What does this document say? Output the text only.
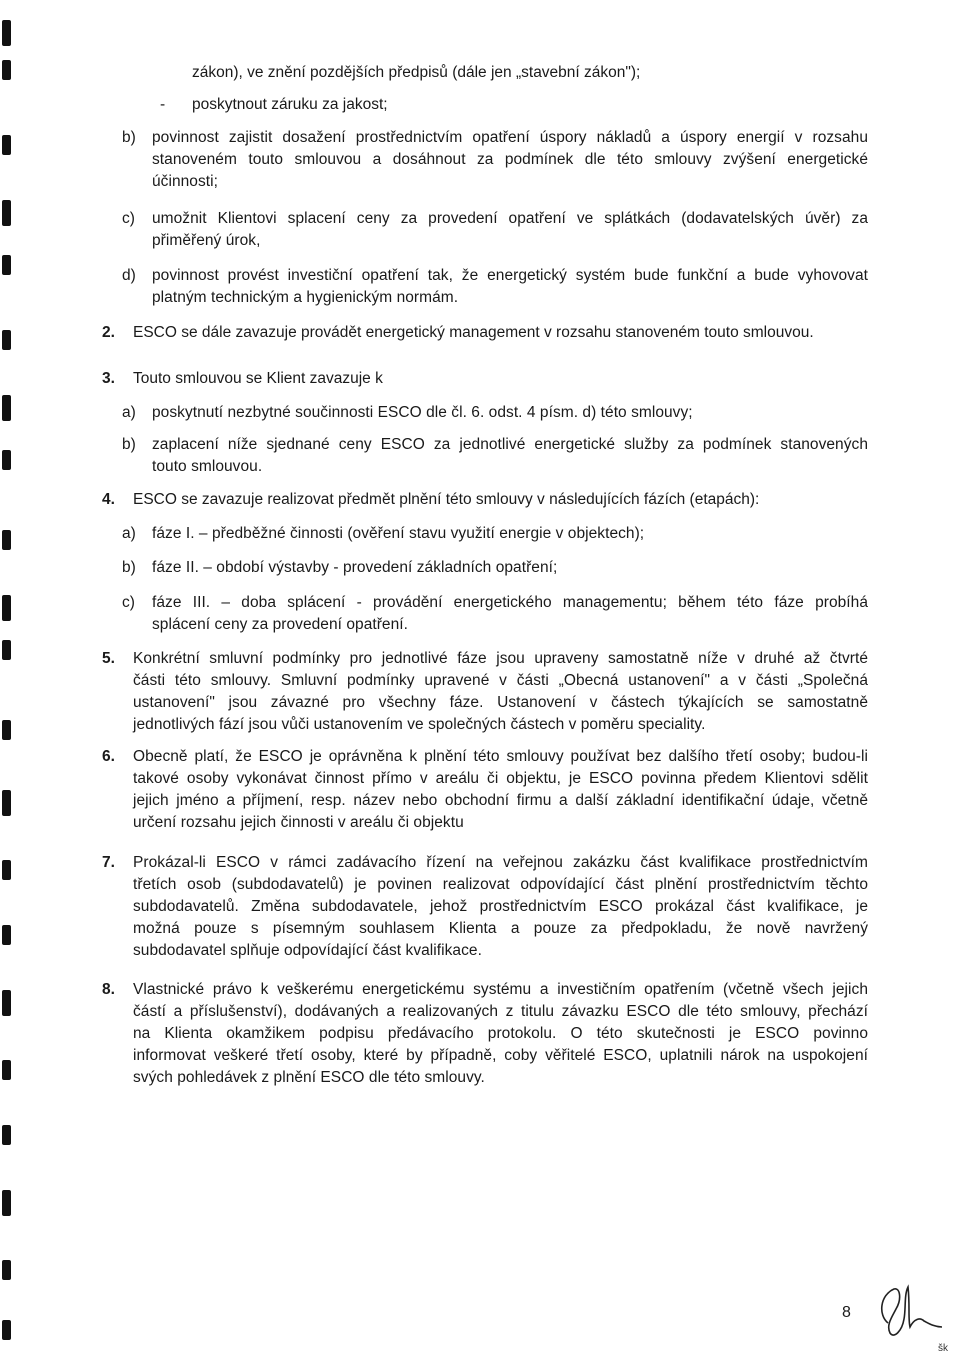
zákon), ve znění pozdějších předpisů (dále jen „stavební zákon");
- poskytnout záruku za jakost;
b) povinnost zajistit dosažení prostřednictvím opatření úspory nákladů a úspory energií v rozsahu
stanoveném touto smlouvou a dosáhnout za podmínek dle této smlouvy zvýšení energetické
účinnosti;
c) umožnit Klientovi splacení ceny za provedení opatření ve splátkách (dodavatelských úvěr) za
přiměřený úrok,
d) povinnost provést investiční opatření tak, že energetický systém bude funkční a bude vyhovovat
platným technickým a hygienickým normám.
2. ESCO se dále zavazuje provádět energetický management v rozsahu stanoveném touto smlouvou.
3. Touto smlouvou se Klient zavazuje k
a) poskytnutí nezbytné součinnosti ESCO dle čl. 6. odst. 4 písm. d) této smlouvy;
b) zaplacení níže sjednané ceny ESCO za jednotlivé energetické služby za podmínek stanovených
touto smlouvou.
4. ESCO se zavazuje realizovat předmět plnění této smlouvy v následujících fázích (etapách):
a) fáze I. – předběžné činnosti (ověření stavu využití energie v objektech);
b) fáze II. – období výstavby - provedení základních opatření;
c) fáze III. – doba splácení - provádění energetického managementu; během této fáze probíhá
splácení ceny za provedení opatření.
5. Konkrétní smluvní podmínky pro jednotlivé fáze jsou upraveny samostatně níže v druhé až čtvrté
části této smlouvy. Smluvní podmínky upravené v části „Obecná ustanovení" a v části „Společná
ustanovení" jsou závazné pro všechny fáze. Ustanovení v částech týkajících se samostatně
jednotlivých fází jsou vůči ustanovením ve společných částech v poměru speciality.
6. Obecně platí, že ESCO je oprávněna k plnění této smlouvy používat bez dalšího třetí osoby; budou-li
takové osoby vykonávat činnost přímo v areálu či objektu, je ESCO povinna předem Klientovi sdělit
jejich jméno a příjmení, resp. název nebo obchodní firmu a další základní identifikační údaje, včetně
určení rozsahu jejich činnosti v areálu či objektu
7. Prokázal-li ESCO v rámci zadávacího řízení na veřejnou zakázku část kvalifikace prostřednictvím
třetích osob (subdodavatelů) je povinen realizovat odpovídající část plnění prostřednictvím těchto
subdodavatelů. Změna subdodavatele, jehož prostřednictvím ESCO prokázal část kvalifikace, je
možná pouze s písemným souhlasem Klienta a pouze za předpokladu, že nově navržený
subdodavatel splňuje odpovídající část kvalifikace.
8. Vlastnické právo k veškerému energetickému systému a investičním opatřením (včetně všech jejich
částí a příslušenství), dodávaných a realizovaných z titulu závazku ESCO dle této smlouvy, přechází
na Klienta okamžikem podpisu předávacího protokolu. O této skutečnosti je ESCO povinno
informovat veškeré třetí osoby, které by případně, coby věřitelé ESCO, uplatnili nárok na uspokojení
svých pohledávek z plnění ESCO dle této smlouvy.
8
šk
